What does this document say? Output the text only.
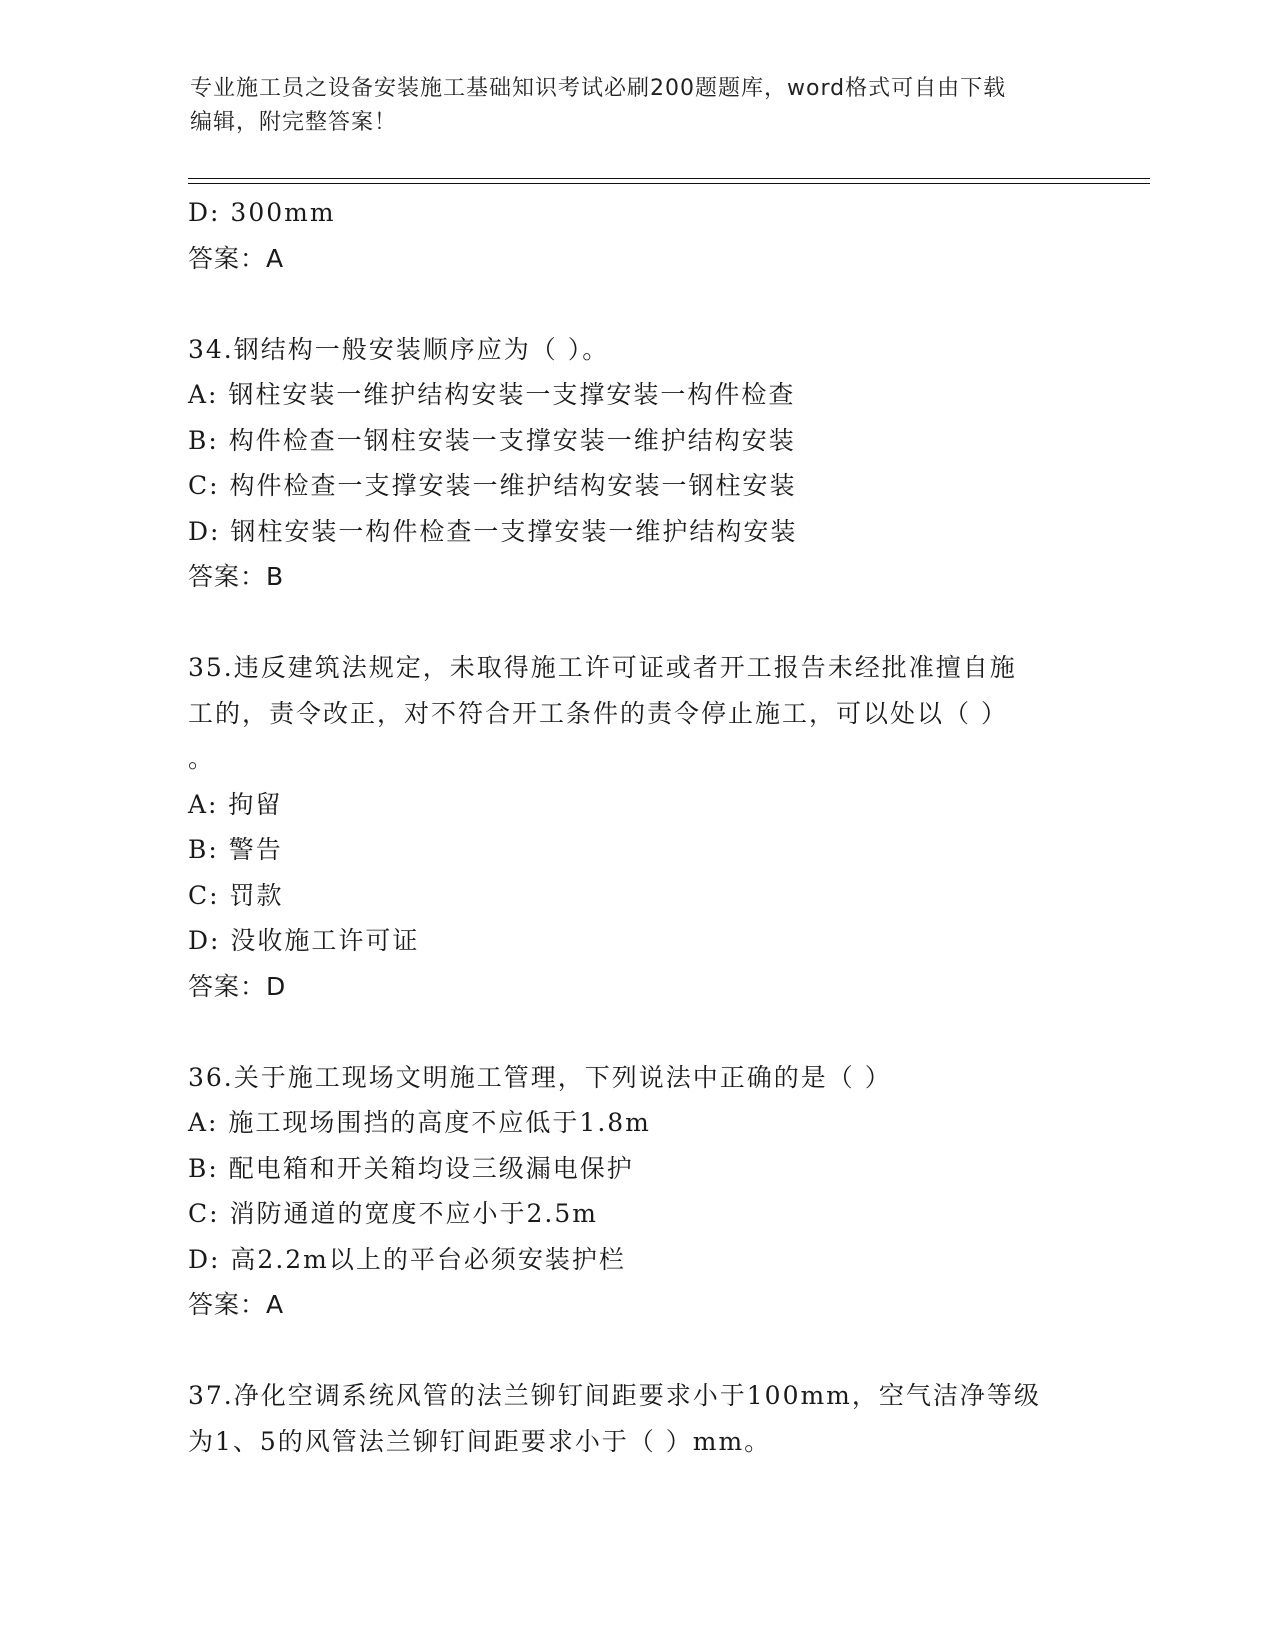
专业施工员之设备安装施工基础知识考试必刷200题题库，word格式可自由下载
编辑，附完整答案！
D: 300mm
答案：A
34.钢结构一般安装顺序应为（ ）。
A: 钢柱安装一维护结构安装一支撑安装一构件检查
B: 构件检查一钢柱安装一支撑安装一维护结构安装
C: 构件检查一支撑安装一维护结构安装一钢柱安装
D: 钢柱安装一构件检查一支撑安装一维护结构安装
答案：B
35.违反建筑法规定，未取得施工许可证或者开工报告未经批准擅自施
工的，责令改正，对不符合开工条件的责令停止施工，可以处以（ ）
。
A: 拘留
B: 警告
C: 罚款
D: 没收施工许可证
答案：D
36.关于施工现场文明施工管理，下列说法中正确的是（ ）
A: 施工现场围挡的高度不应低于1.8m
B: 配电箱和开关箱均设三级漏电保护
C: 消防通道的宽度不应小于2.5m
D: 高2.2m以上的平台必须安装护栏
答案：A
37.净化空调系统风管的法兰铆钉间距要求小于100mm，空气洁净等级
为1、5的风管法兰铆钉间距要求小于（ ）mm。
